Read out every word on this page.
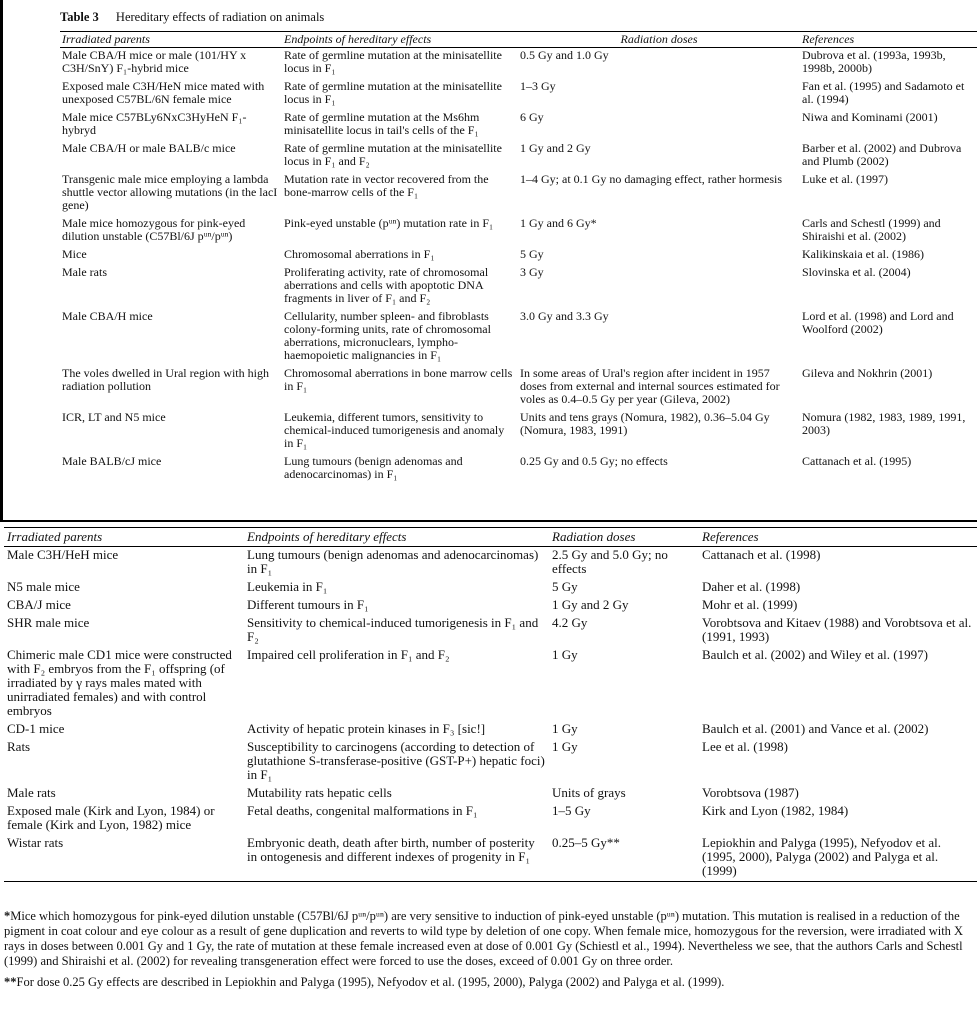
Table 3 Hereditary effects of radiation on animals
Irradiated parents	Endpoints of hereditary effects	Radiation doses	References
Male CBA/H mice or male (101/HY x C3H/SnY) F₁-hybrid mice	Rate of germline mutation at the minisatellite locus in F₁	0.5 Gy and 1.0 Gy	Dubrova et al. (1993a, 1993b, 1998b, 2000b)
Exposed male C3H/HeN mice mated with unexposed C57BL/6N female mice	Rate of germline mutation at the minisatellite locus in F₁	1–3 Gy	Fan et al. (1995) and Sadamoto et al. (1994)
Male mice C57BLy6NxC3HyHeN F₁-hybryd	Rate of germline mutation at the Ms6hm minisatellite locus in tail's cells of the F₁	6 Gy	Niwa and Kominami (2001)
Male CBA/H or male BALB/c mice	Rate of germline mutation at the minisatellite locus in F₁ and F₂	1 Gy and 2 Gy	Barber et al. (2002) and Dubrova and Plumb (2002)
Transgenic male mice employing a lambda shuttle vector allowing mutations (in the lacI gene)	Mutation rate in vector recovered from the bone-marrow cells of the F₁	1–4 Gy; at 0.1 Gy no damaging effect, rather hormesis	Luke et al. (1997)
Male mice homozygous for pink-eyed dilution unstable (C57Bl/6J pᵘⁿ/pᵘⁿ)	Pink-eyed unstable (pᵘⁿ) mutation rate in F₁	1 Gy and 6 Gy*	Carls and Schestl (1999) and Shiraishi et al. (2002)
Mice	Chromosomal aberrations in F₁	5 Gy	Kalikinskaia et al. (1986)
Male rats	Proliferating activity, rate of chromosomal aberrations and cells with apoptotic DNA fragments in liver of F₁ and F₂	3 Gy	Slovinska et al. (2004)
Male CBA/H mice	Cellularity, number spleen- and fibroblasts colony-forming units, rate of chromosomal aberrations, micronuclears, lympho-haemopoietic malignancies in F₁	3.0 Gy and 3.3 Gy	Lord et al. (1998) and Lord and Woolford (2002)
The voles dwelled in Ural region with high radiation pollution	Chromosomal aberrations in bone marrow cells in F₁	In some areas of Ural's region after incident in 1957 doses from external and internal sources estimated for voles as 0.4–0.5 Gy per year (Gileva, 2002)	Gileva and Nokhrin (2001)
ICR, LT and N5 mice	Leukemia, different tumors, sensitivity to chemical-induced tumorigenesis and anomaly in F₁	Units and tens grays (Nomura, 1982), 0.36–5.04 Gy (Nomura, 1983, 1991)	Nomura (1982, 1983, 1989, 1991, 2003)
Male BALB/cJ mice	Lung tumours (benign adenomas and adenocarcinomas) in F₁	0.25 Gy and 0.5 Gy; no effects	Cattanach et al. (1995)
Irradiated parents	Endpoints of hereditary effects	Radiation doses	References
Male C3H/HeH mice	Lung tumours (benign adenomas and adenocarcinomas) in F₁	2.5 Gy and 5.0 Gy; no effects	Cattanach et al. (1998)
N5 male mice	Leukemia in F₁	5 Gy	Daher et al. (1998)
CBA/J mice	Different tumours in F₁	1 Gy and 2 Gy	Mohr et al. (1999)
SHR male mice	Sensitivity to chemical-induced tumorigenesis in F₁ and F₂	4.2 Gy	Vorobtsova and Kitaev (1988) and Vorobtsova et al. (1991, 1993)
Chimeric male CD1 mice were constructed with F₂ embryos from the F₁ offspring (of irradiated by γ rays males mated with unirradiated females) and with control embryos	Impaired cell proliferation in F₁ and F₂	1 Gy	Baulch et al. (2002) and Wiley et al. (1997)
CD-1 mice	Activity of hepatic protein kinases in F₃ [sic!]	1 Gy	Baulch et al. (2001) and Vance et al. (2002)
Rats	Susceptibility to carcinogens (according to detection of glutathione S-transferase-positive (GST-P+) hepatic foci) in F₁	1 Gy	Lee et al. (1998)
Male rats	Mutability rats hepatic cells	Units of grays	Vorobtsova (1987)
Exposed male (Kirk and Lyon, 1984) or female (Kirk and Lyon, 1982) mice	Fetal deaths, congenital malformations in F₁	1–5 Gy	Kirk and Lyon (1982, 1984)
Wistar rats	Embryonic death, death after birth, number of posterity in ontogenesis and different indexes of progenity in F₁	0.25–5 Gy**	Lepiokhin and Palyga (1995), Nefyodov et al. (1995, 2000), Palyga (2002) and Palyga et al. (1999)

*Mice which homozygous for pink-eyed dilution unstable (C57Bl/6J pᵘⁿ/pᵘⁿ) are very sensitive to induction of pink-eyed unstable (pᵘⁿ) mutation. This mutation is realised in a reduction of the pigment in coat colour and eye colour as a result of gene duplication and reverts to wild type by deletion of one copy. When female mice, homozygous for the reversion, were irradiated with X rays in doses between 0.001 Gy and 1 Gy, the rate of mutation at these female increased even at dose of 0.001 Gy (Schiestl et al., 1994). Nevertheless we see, that the authors Carls and Schestl (1999) and Shiraishi et al. (2002) for revealing transgeneration effect were forced to use the doses, exceed of 0.001 Gy on three order.

**For dose 0.25 Gy effects are described in Lepiokhin and Palyga (1995), Nefyodov et al. (1995, 2000), Palyga (2002) and Palyga et al. (1999).
